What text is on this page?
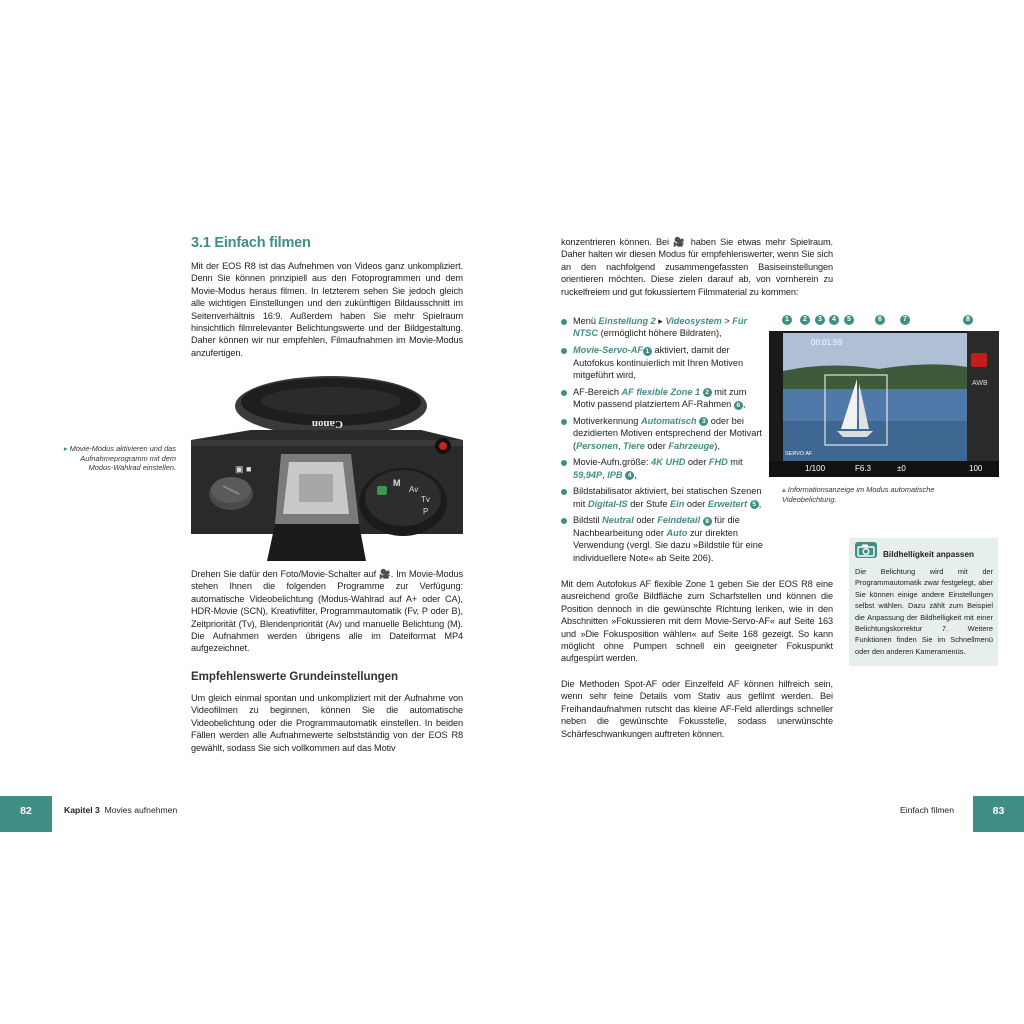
3.1 Einfach filmen

Mit der EOS R8 ist das Aufnehmen von Videos ganz unkompliziert. Denn Sie können prinzipiell aus den Fotoprogrammen und dem Movie-Modus heraus filmen. In letzterem sehen Sie jedoch gleich alle wichtigen Einstellungen und den zukünftigen Bildausschnitt im Seitenverhältnis 16:9. Außerdem haben Sie mehr Spielraum hinsichtlich filmrelevanter Belichtungswerte und der Bildgestaltung. Daher können wir nur empfehlen, Filmaufnahmen im Movie-Modus anzufertigen.

▸ Movie-Modus aktivieren und das Aufnahmeprogramm mit dem Modus-Wahlrad einstellen.

M
Av
Tv
P
Canon
▣ ■

Drehen Sie dafür den Foto/Movie-Schalter auf 🎥. Im Movie-Modus stehen Ihnen die folgenden Programme zur Verfügung: automatische Videobelichtung (Modus-Wahlrad auf A+ oder CA), HDR-Movie (SCN), Kreativfilter, Programmautomatik (Fv, P oder B), Zeitpriorität (Tv), Blendenpriorität (Av) und manuelle Belichtung (M). Die Aufnahmen werden übrigens alle im Dateiformat MP4 aufgezeichnet.

Empfehlenswerte Grundeinstellungen

Um gleich einmal spontan und unkompliziert mit der Aufnahme von Videofilmen zu beginnen, können Sie die automatische Videobelichtung oder die Programmautomatik einstellen. In beiden Fällen werden alle Aufnahmewerte selbstständig von der EOS R8 gewählt, sodass Sie sich vollkommen auf das Motiv

konzentrieren können. Bei 🎥 haben Sie etwas mehr Spielraum. Daher halten wir diesen Modus für empfehlenswerter, wenn Sie sich an den nachfolgend zusammengefassten Basiseinstellungen orientieren möchten. Diese zielen darauf ab, von vornherein zu ruckelfreiem und gut fokussiertem Filmmaterial zu kommen:

Menü Einstellung 2 ▸ Videosystem > Für NTSC (ermöglicht höhere Bildraten),
Movie-Servo-AF 1 aktiviert, damit der Autofokus kontinuierlich mit Ihren Motiven mitgeführt wird,
AF-Bereich AF flexible Zone 1 2 mit zum Motiv passend platziertem AF-Rahmen 6 ,
Motiverkennung Automatisch 3 oder bei dezidierten Motiven entsprechend der Motivart (Personen, Tiere oder Fahrzeuge),
Movie-Aufn.größe: 4K UHD oder FHD mit 59,94P, IPB 4 ,
Bildstabilisator aktiviert, bei statischen Szenen mit Digital-IS der Stufe Ein oder Erweitert 5 ,
Bildstil Neutral oder Feindetail 8 für die Nachbearbeitung oder Auto zur direkten Verwendung (vergl. Sie dazu »Bildstile für eine individuellere Note« ab Seite 206).

Mit dem Autofokus AF flexible Zone 1 geben Sie der EOS R8 eine ausreichend große Bildfläche zum Scharfstellen und können die Position dennoch in die gewünschte Richtung lenken, wie in den Abschnitten »Fokussieren mit dem Movie-Servo-AF« auf Seite 163 und »Die Fokusposition wählen« auf Seite 168 gezeigt. So kann möglicht ohne Pumpen schnell ein geeigneter Fokuspunkt aufgespürt werden.

Die Methoden Spot-AF oder Einzelfeld AF können hilfreich sein, wenn sehr feine Details vom Stativ aus gefilmt werden. Bei Freihandaufnahmen rutscht das kleine AF-Feld allerdings schneller neben die gewünschte Fokusstelle, sodass unerwünschte Schärfeschwankungen auftreten können.

1	2	3	4	5	6	7	8
AWB
1/100	F6.3	±0	100
00:01:59
SERVO AF

▴ Informationsanzeige im Modus automatische Videobelichtung.

Bildhelligkeit anpassen

Die Belichtung wird mit der Programmautomatik zwar festgelegt, aber Sie können einige andere Einstellungen selbst wählen. Dazu zählt zum Beispiel die Anpassung der Bildhelligkeit mit einer Belichtungskorrektur 7. Weitere Funktionen finden Sie im Schnellmenü oder den anderen Kameramenüs.

82	Kapitel 3 Movies aufnehmen	Einfach filmen	83
